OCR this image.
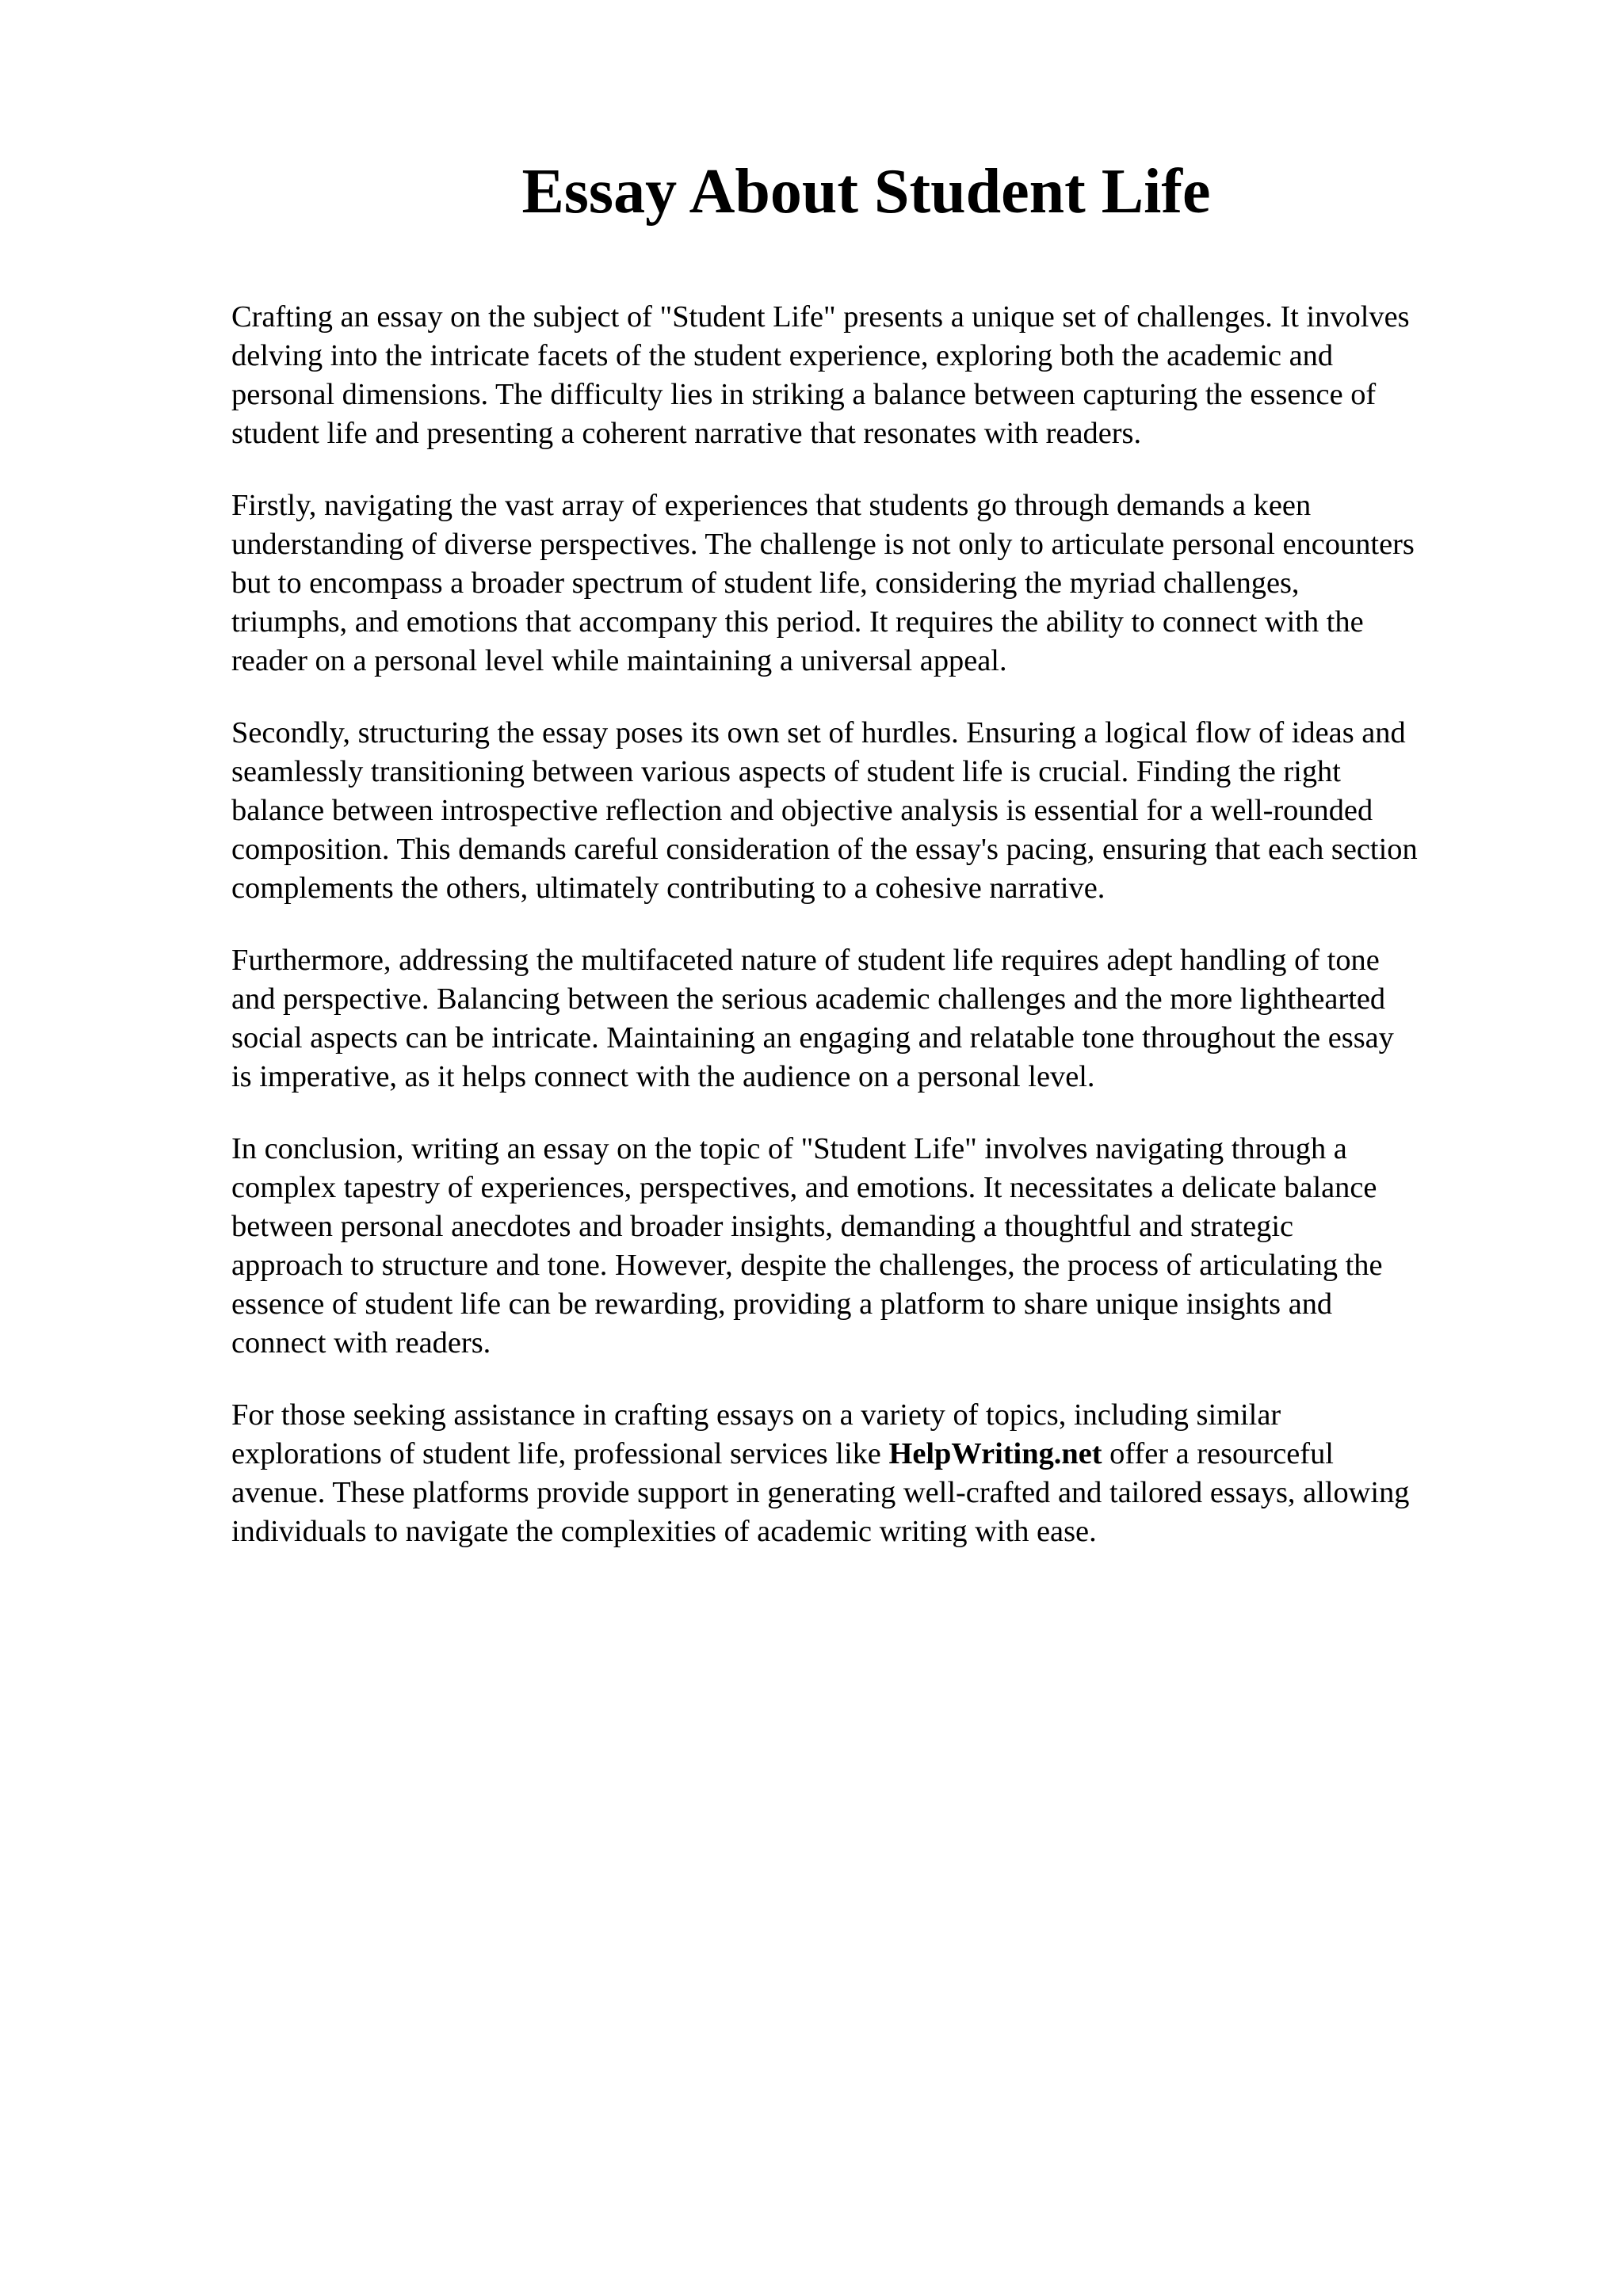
Essay About Student Life

Crafting an essay on the subject of "Student Life" presents a unique set of challenges. It involves
delving into the intricate facets of the student experience, exploring both the academic and
personal dimensions. The difficulty lies in striking a balance between capturing the essence of
student life and presenting a coherent narrative that resonates with readers.

Firstly, navigating the vast array of experiences that students go through demands a keen
understanding of diverse perspectives. The challenge is not only to articulate personal encounters
but to encompass a broader spectrum of student life, considering the myriad challenges,
triumphs, and emotions that accompany this period. It requires the ability to connect with the
reader on a personal level while maintaining a universal appeal.

Secondly, structuring the essay poses its own set of hurdles. Ensuring a logical flow of ideas and
seamlessly transitioning between various aspects of student life is crucial. Finding the right
balance between introspective reflection and objective analysis is essential for a well-rounded
composition. This demands careful consideration of the essay's pacing, ensuring that each section
complements the others, ultimately contributing to a cohesive narrative.

Furthermore, addressing the multifaceted nature of student life requires adept handling of tone
and perspective. Balancing between the serious academic challenges and the more lighthearted
social aspects can be intricate. Maintaining an engaging and relatable tone throughout the essay
is imperative, as it helps connect with the audience on a personal level.

In conclusion, writing an essay on the topic of "Student Life" involves navigating through a
complex tapestry of experiences, perspectives, and emotions. It necessitates a delicate balance
between personal anecdotes and broader insights, demanding a thoughtful and strategic
approach to structure and tone. However, despite the challenges, the process of articulating the
essence of student life can be rewarding, providing a platform to share unique insights and
connect with readers.

For those seeking assistance in crafting essays on a variety of topics, including similar
explorations of student life, professional services like HelpWriting.net offer a resourceful
avenue. These platforms provide support in generating well-crafted and tailored essays, allowing
individuals to navigate the complexities of academic writing with ease.
